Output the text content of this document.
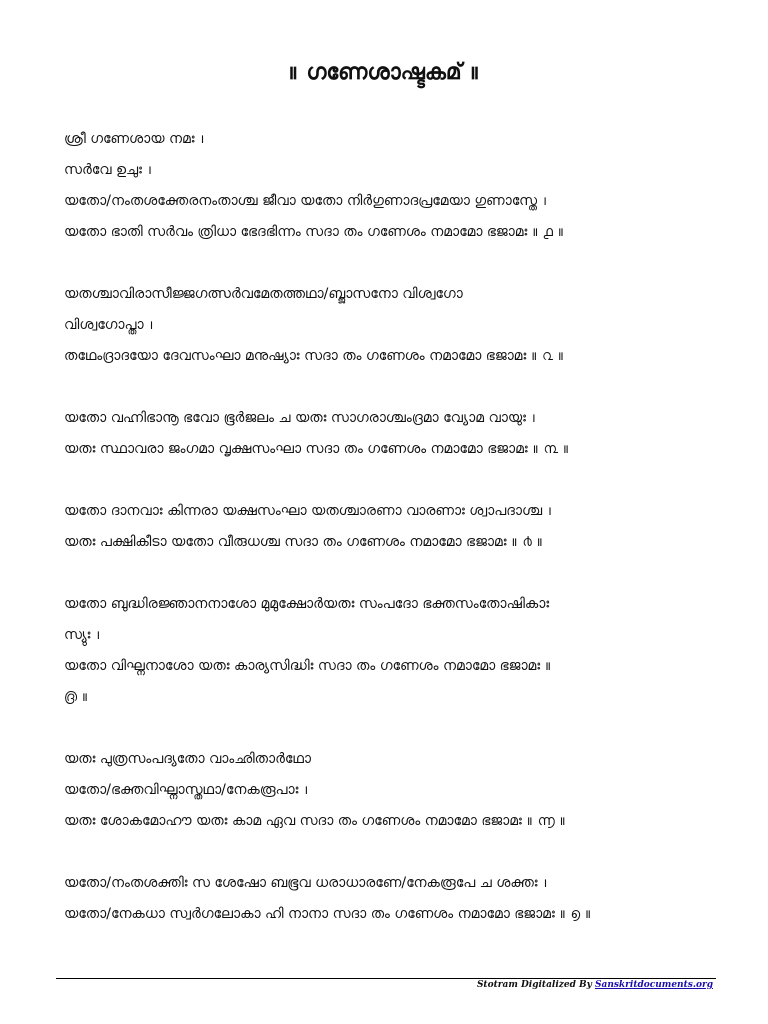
॥ ഗണേശാഷ്ടകമ് ॥
ശ്രീ ഗണേശായ നമഃ ।
സർവേ ഉചുഃ ।
യതോ/നംതശക്തേരനംതാശ്ച ജീവാ യതോ നിർഗുണാദപ്രമേയാ ഗുണാസ്തേ ।
യതോ ഭാതി സർവം ത്രിധാ ഭേദഭിന്നം സദാ തം ഗണേശം നമാമോ ഭജാമഃ ॥ ൧ ॥
യതശ്ചാവിരാസീജ്ജഗത്സർവമേതത്തഥാ/ബ്ജാസനോ വിശ്വഗോ
വിശ്വഗോപ്താ ।
തഥേംദ്രാദയോ ദേവസംഘാ മനുഷ്യാഃ സദാ തം ഗണേശം നമാമോ ഭജാമഃ ॥ ൨ ॥
യതോ വഹ്നിഭാനൂ ഭവോ ഭൂർജലം ച യതഃ സാഗരാശ്ചംദ്രമാ വ്യോമ വായുഃ ।
യതഃ സ്ഥാവരാ ജംഗമാ വൃക്ഷസംഘാ സദാ തം ഗണേശം നമാമോ ഭജാമഃ ॥ ൩ ॥
യതോ ദാനവാഃ കിന്നരാ യക്ഷസംഘാ യതശ്ചാരണാ വാരണാഃ ശ്വാപദാശ്ച ।
യതഃ പക്ഷികീടാ യതോ വീരുധശ്ച സദാ തം ഗണേശം നമാമോ ഭജാമഃ ॥ ൪ ॥
യതോ ബുദ്ധിരജ്ഞാനനാശോ മുമുക്ഷോർയതഃ സംപദോ ഭക്തസംതോഷികാഃ
സ്യുഃ ।
യതോ വിഘ്നനാശോ യതഃ കാര്യസിദ്ധിഃ സദാ തം ഗണേശം നമാമോ ഭജാമഃ ॥
൫ ॥
യതഃ പുത്രസംപദ്യതോ വാംഛിതാർഥോ
യതോ/ഭക്തവിഘ്നാസ്തഥാ/നേകരൂപാഃ ।
യതഃ ശോകമോഹൗ യതഃ കാമ ഏവ സദാ തം ഗണേശം നമാമോ ഭജാമഃ ॥ ൬ ॥
യതോ/നംതശക്തിഃ സ ശേഷോ ബഭൂവ ധരാധാരണേ/നേകരൂപേ ച ശക്തഃ ।
യതോ/നേകധാ സ്വർഗലോകാ ഹി നാനാ സദാ തം ഗണേശം നമാമോ ഭജാമഃ ॥ ൭ ॥
Stotram Digitalized By Sanskritdocuments.org
